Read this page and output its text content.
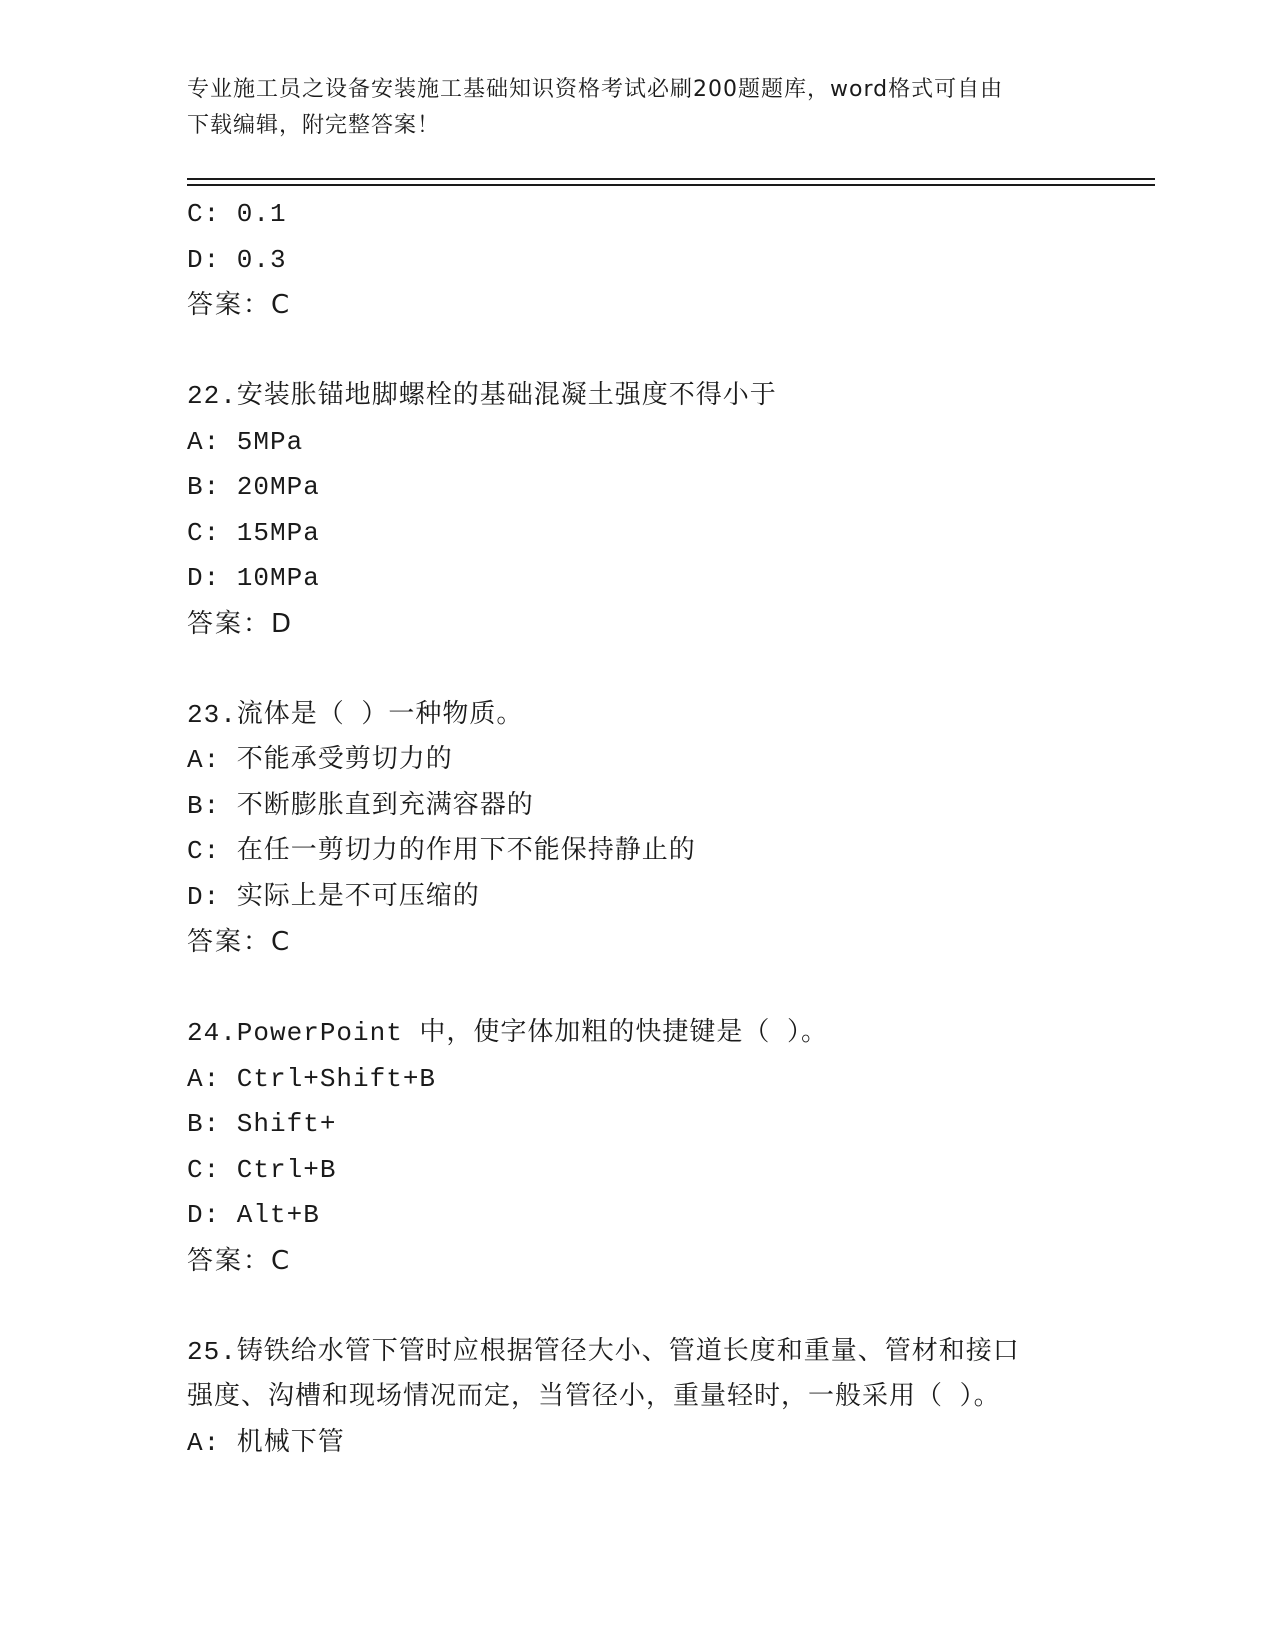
专业施工员之设备安装施工基础知识资格考试必刷200题题库，word格式可自由
下载编辑，附完整答案！
C: 0.1
D: 0.3
答案：C
22.安装胀锚地脚螺栓的基础混凝土强度不得小于
A: 5MPa
B: 20MPa
C: 15MPa
D: 10MPa
答案：D
23.流体是（ ）一种物质。
A: 不能承受剪切力的
B: 不断膨胀直到充满容器的
C: 在任一剪切力的作用下不能保持静止的
D: 实际上是不可压缩的
答案：C
24.PowerPoint 中，使字体加粗的快捷键是（ ）。
A: Ctrl+Shift+B
B: Shift+
C: Ctrl+B
D: Alt+B
答案：C
25.铸铁给水管下管时应根据管径大小、管道长度和重量、管材和接口
强度、沟槽和现场情况而定，当管径小，重量轻时，一般采用（ ）。
A: 机械下管
